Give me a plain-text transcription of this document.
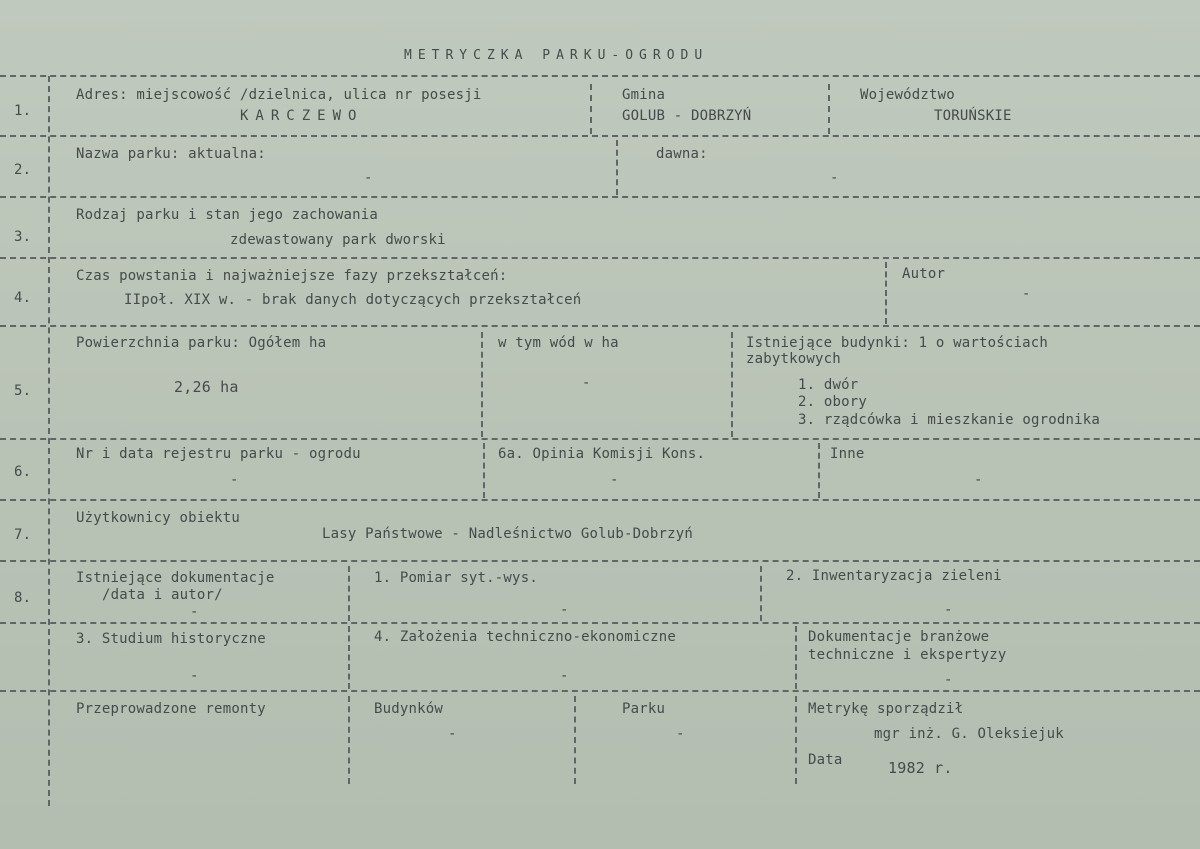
METRYCZKA PARKU-OGRODU
1.
Adres: miejscowość /dzielnica, ulica nr posesji
KARCZEWO
Gmina
GOLUB - DOBRZYŃ
Województwo
TORUŃSKIE
2.
Nazwa parku: aktualna:
-
dawna:
-
3.
Rodzaj parku i stan jego zachowania
zdewastowany park dworski
4.
Czas powstania i najważniejsze fazy przekształceń:
IIpoł. XIX w. - brak danych dotyczących przekształceń
Autor
-
5.
Powierzchnia parku: Ogółem ha
2,26 ha
w tym wód w ha
-
Istniejące budynki: 1 o wartościach
zabytkowych
1. dwór
2. obory
3. rządcówka i mieszkanie ogrodnika
6.
Nr i data rejestru parku - ogrodu
-
6a. Opinia Komisji Kons.
-
Inne
-
7.
Użytkownicy obiektu
Lasy Państwowe - Nadleśnictwo Golub-Dobrzyń
8.
Istniejące dokumentacje
/data i autor/
-
1. Pomiar syt.-wys.
-
2. Inwentaryzacja zieleni
-
3. Studium historyczne
-
4. Założenia techniczno-ekonomiczne
-
Dokumentacje branżowe
techniczne i ekspertyzy
-
Przeprowadzone remonty	Budynków
-
Parku
-
Metrykę sporządził
mgr inż. G. Oleksiejuk
Data	1982 r.
